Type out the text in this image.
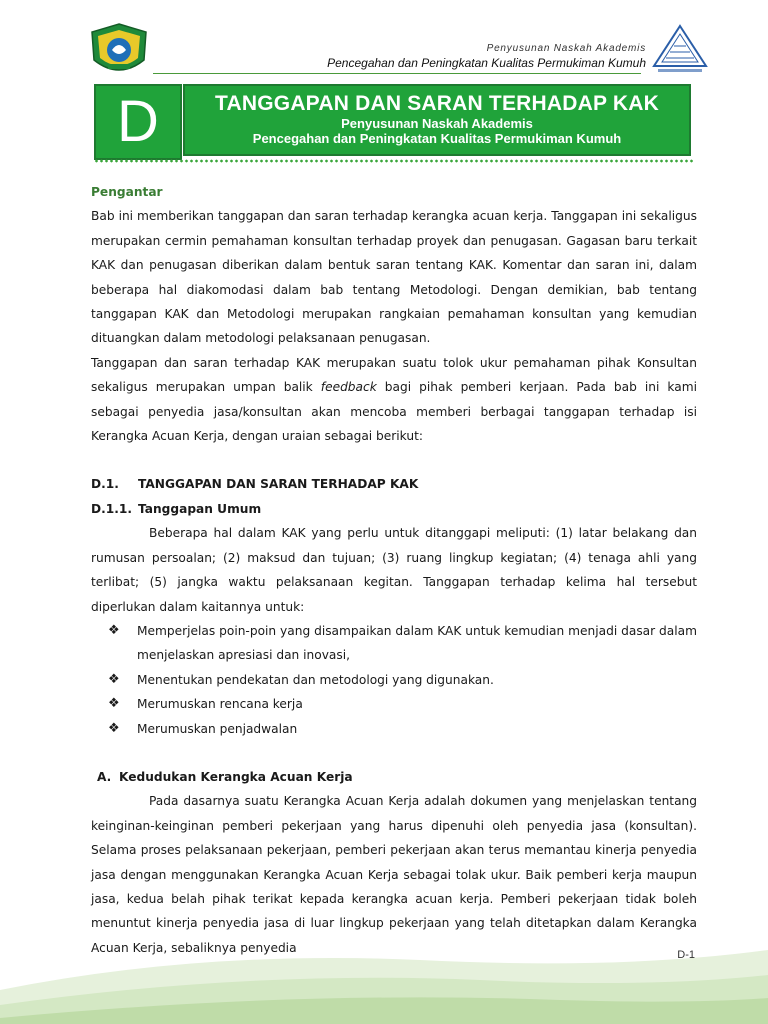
Penyusunan Naskah Akademis
Pencegahan dan Peningkatan Kualitas Permukiman Kumuh
D	TANGGAPAN DAN SARAN TERHADAP KAK
Penyusunan Naskah Akademis
Pencegahan dan Peningkatan Kualitas Permukiman Kumuh
Pengantar

Bab ini memberikan tanggapan dan saran terhadap kerangka acuan kerja. Tanggapan ini sekaligus merupakan cermin pemahaman konsultan terhadap proyek dan penugasan. Gagasan baru terkait KAK dan penugasan diberikan dalam bentuk saran tentang KAK. Komentar dan saran ini, dalam beberapa hal diakomodasi dalam bab tentang Metodologi. Dengan demikian, bab tentang tanggapan KAK dan Metodologi merupakan rangkaian pemahaman konsultan yang kemudian dituangkan dalam metodologi pelaksanaan penugasan.

Tanggapan dan saran terhadap KAK merupakan suatu tolok ukur pemahaman pihak Konsultan sekaligus merupakan umpan balik feedback bagi pihak pemberi kerjaan. Pada bab ini kami sebagai penyedia jasa/konsultan akan mencoba memberi berbagai tanggapan terhadap isi Kerangka Acuan Kerja, dengan uraian sebagai berikut:

D.1. TANGGAPAN DAN SARAN TERHADAP KAK
D.1.1. Tanggapan Umum

Beberapa hal dalam KAK yang perlu untuk ditanggapi meliputi: (1) latar belakang dan rumusan persoalan; (2) maksud dan tujuan; (3) ruang lingkup kegiatan; (4) tenaga ahli yang terlibat; (5) jangka waktu pelaksanaan kegitan. Tanggapan terhadap kelima hal tersebut diperlukan dalam kaitannya untuk:

❖ Memperjelas poin-poin yang disampaikan dalam KAK untuk kemudian menjadi dasar dalam menjelaskan apresiasi dan inovasi,

❖ Menentukan pendekatan dan metodologi yang digunakan.

❖ Merumuskan rencana kerja

❖ Merumuskan penjadwalan

A. Kedudukan Kerangka Acuan Kerja

Pada dasarnya suatu Kerangka Acuan Kerja adalah dokumen yang menjelaskan tentang keinginan-keinginan pemberi pekerjaan yang harus dipenuhi oleh penyedia jasa (konsultan). Selama proses pelaksanaan pekerjaan, pemberi pekerjaan akan terus memantau kinerja penyedia jasa dengan menggunakan Kerangka Acuan Kerja sebagai tolak ukur. Baik pemberi kerja maupun jasa, kedua belah pihak terikat kepada kerangka acuan kerja. Pemberi pekerjaan tidak boleh menuntut kinerja penyedia jasa di luar lingkup pekerjaan yang telah ditetapkan dalam Kerangka Acuan Kerja, sebaliknya penyedia

D-1
